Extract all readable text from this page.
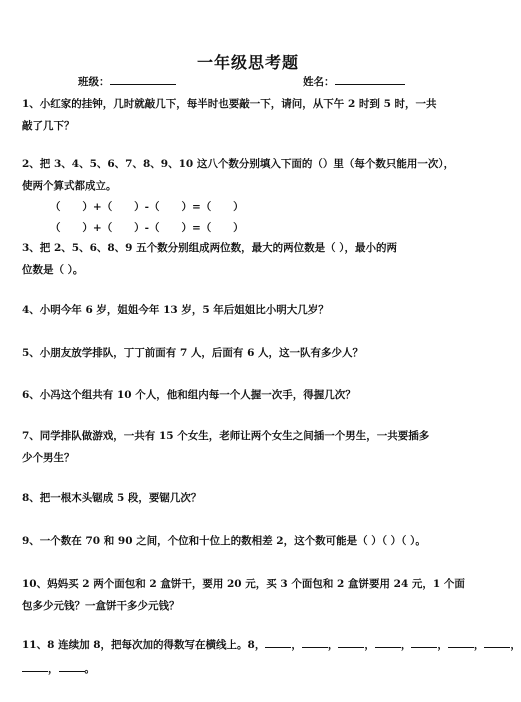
一年级思考题
班级：	姓名：
1、小红家的挂钟，几时就敲几下，每半时也要敲一下，请问，从下午 2 时到 5 时，一共
敲了几下？
2、把 3、4、5、6、7、8、9、10 这八个数分别填入下面的（）里（每个数只能用一次），
使两个算式都成立。
（      ）+（      ）-（      ）=（      ）
（      ）+（      ）-（      ）=（      ）
3、把 2、5、6、8、9 五个数分别组成两位数，最大的两位数是（ ），最小的两
位数是（ ）。
4、小明今年 6 岁，姐姐今年 13 岁，5 年后姐姐比小明大几岁？
5、小朋友放学排队，丁丁前面有 7 人，后面有 6 人，这一队有多少人？
6、小冯这个组共有 10 个人，他和组内每一个人握一次手，得握几次？
7、同学排队做游戏，一共有 15 个女生，老师让两个女生之间插一个男生，一共要插多
少个男生？
8、把一根木头锯成 5 段，要锯几次？
9、一个数在 70 和 90 之间，个位和十位上的数相差 2，这个数可能是（ ）（ ）（ ）。
10、妈妈买 2 两个面包和 2 盒饼干，要用 20 元，买 3 个面包和 2 盒饼要用 24 元，1 个面
包多少元钱？一盒饼干多少元钱？
11、8 连续加 8，把每次加的得数写在横线上。8， ， ， ， ， ， ， ，
， 。
